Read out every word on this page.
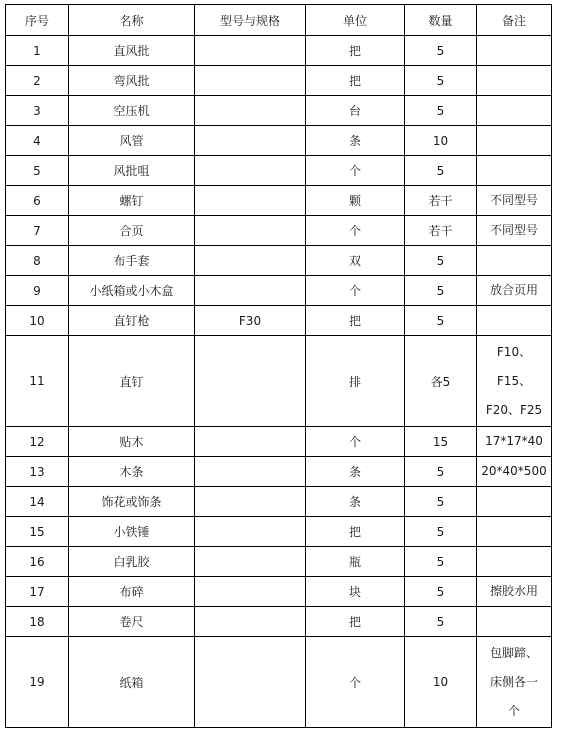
序号	名称	型号与规格	单位	数量	备注
1	直风批		把	5	
2	弯风批		把	5	
3	空压机		台	5	
4	风管		条	10	
5	风批咀		个	5	
6	螺钉		颗	若干	不同型号

7	合页		个	若干	不同型号

8	布手套		双	5	
9	小纸箱或小木盒		个	5	放合页用

10	直钉枪	F30	把	5	
11	直钉		排	各5	F10、
F15、
F20、F25

12	贴木		个	15	17*17*40

13	木条		条	5	20*40*500

14	饰花或饰条		条	5	
15	小铁锤		把	5	
16	白乳胶		瓶	5	
17	布碎		块	5	擦胶水用

18	卷尺		把	5	
19	纸箱		个	10	包脚蹄、
床侧各一
个
